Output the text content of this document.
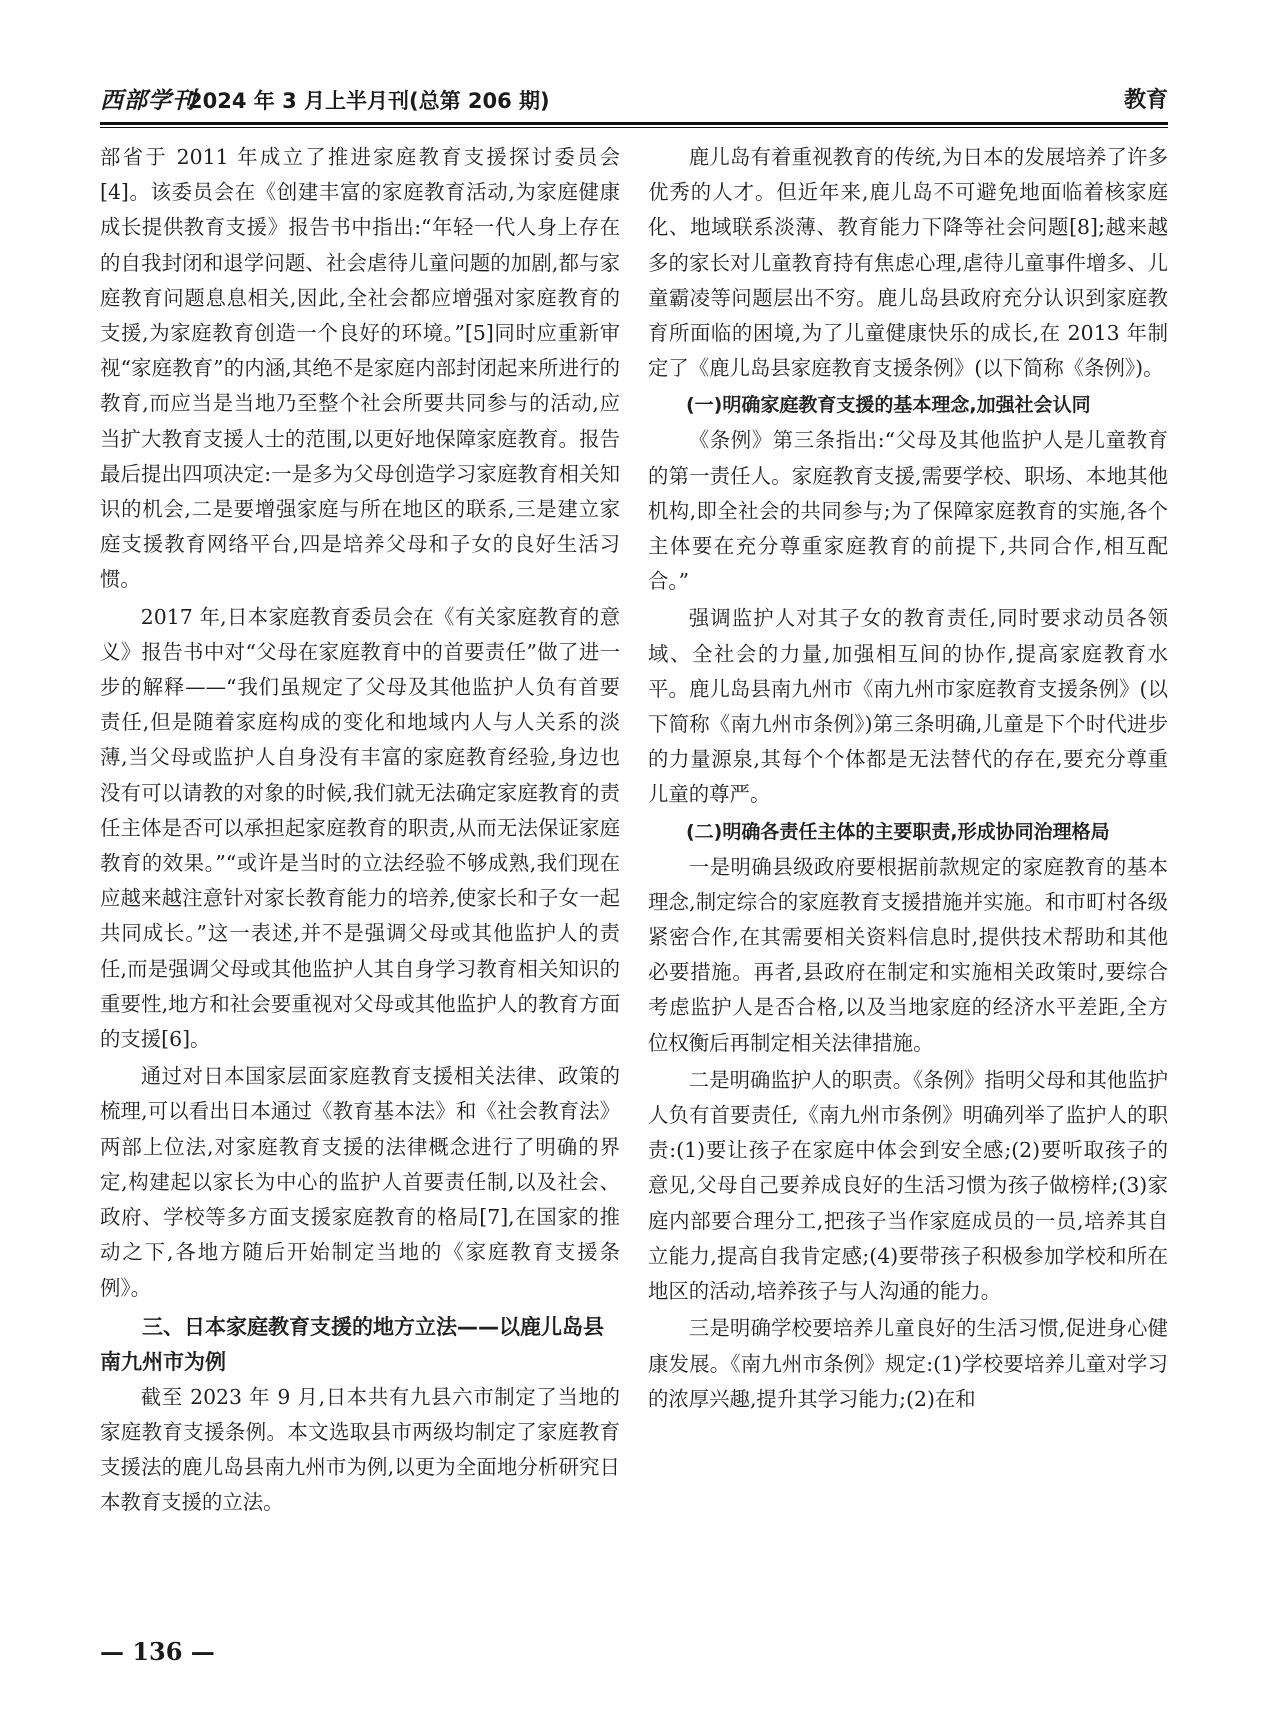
西部学刊
2024 年 3 月上半月刊(总第 206 期)	教育

部省于 2011 年成立了推进家庭教育支援探讨委员会[4]。该委员会在《创建丰富的家庭教育活动,为家庭健康成长提供教育支援》报告书中指出:“年轻一代人身上存在的自我封闭和退学问题、社会虐待儿童问题的加剧,都与家庭教育问题息息相关,因此,全社会都应增强对家庭教育的支援,为家庭教育创造一个良好的环境。”[5]同时应重新审视“家庭教育”的内涵,其绝不是家庭内部封闭起来所进行的教育,而应当是当地乃至整个社会所要共同参与的活动,应当扩大教育支援人士的范围,以更好地保障家庭教育。报告最后提出四项决定:一是多为父母创造学习家庭教育相关知识的机会,二是要增强家庭与所在地区的联系,三是建立家庭支援教育网络平台,四是培养父母和子女的良好生活习惯。

2017 年,日本家庭教育委员会在《有关家庭教育的意义》报告书中对“父母在家庭教育中的首要责任”做了进一步的解释——“我们虽规定了父母及其他监护人负有首要责任,但是随着家庭构成的变化和地域内人与人关系的淡薄,当父母或监护人自身没有丰富的家庭教育经验,身边也没有可以请教的对象的时候,我们就无法确定家庭教育的责任主体是否可以承担起家庭教育的职责,从而无法保证家庭教育的效果。”“或许是当时的立法经验不够成熟,我们现在应越来越注意针对家长教育能力的培养,使家长和子女一起共同成长。”这一表述,并不是强调父母或其他监护人的责任,而是强调父母或其他监护人其自身学习教育相关知识的重要性,地方和社会要重视对父母或其他监护人的教育方面的支援[6]。

通过对日本国家层面家庭教育支援相关法律、政策的梳理,可以看出日本通过《教育基本法》和《社会教育法》两部上位法,对家庭教育支援的法律概念进行了明确的界定,构建起以家长为中心的监护人首要责任制,以及社会、政府、学校等多方面支援家庭教育的格局[7],在国家的推动之下,各地方随后开始制定当地的《家庭教育支援条例》。

三、日本家庭教育支援的地方立法——以鹿儿岛县南九州市为例

截至 2023 年 9 月,日本共有九县六市制定了当地的家庭教育支援条例。本文选取县市两级均制定了家庭教育支援法的鹿儿岛县南九州市为例,以更为全面地分析研究日本教育支援的立法。

鹿儿岛有着重视教育的传统,为日本的发展培养了许多优秀的人才。但近年来,鹿儿岛不可避免地面临着核家庭化、地域联系淡薄、教育能力下降等社会问题[8];越来越多的家长对儿童教育持有焦虑心理,虐待儿童事件增多、儿童霸凌等问题层出不穷。鹿儿岛县政府充分认识到家庭教育所面临的困境,为了儿童健康快乐的成长,在 2013 年制定了《鹿儿岛县家庭教育支援条例》(以下简称《条例》)。

(一)明确家庭教育支援的基本理念,加强社会认同

《条例》第三条指出:“父母及其他监护人是儿童教育的第一责任人。家庭教育支援,需要学校、职场、本地其他机构,即全社会的共同参与;为了保障家庭教育的实施,各个主体要在充分尊重家庭教育的前提下,共同合作,相互配合。”

强调监护人对其子女的教育责任,同时要求动员各领域、全社会的力量,加强相互间的协作,提高家庭教育水平。鹿儿岛县南九州市《南九州市家庭教育支援条例》(以下简称《南九州市条例》)第三条明确,儿童是下个时代进步的力量源泉,其每个个体都是无法替代的存在,要充分尊重儿童的尊严。

(二)明确各责任主体的主要职责,形成协同治理格局

一是明确县级政府要根据前款规定的家庭教育的基本理念,制定综合的家庭教育支援措施并实施。和市町村各级紧密合作,在其需要相关资料信息时,提供技术帮助和其他必要措施。再者,县政府在制定和实施相关政策时,要综合考虑监护人是否合格,以及当地家庭的经济水平差距,全方位权衡后再制定相关法律措施。

二是明确监护人的职责。《条例》指明父母和其他监护人负有首要责任,《南九州市条例》明确列举了监护人的职责:(1)要让孩子在家庭中体会到安全感;(2)要听取孩子的意见,父母自己要养成良好的生活习惯为孩子做榜样;(3)家庭内部要合理分工,把孩子当作家庭成员的一员,培养其自立能力,提高自我肯定感;(4)要带孩子积极参加学校和所在地区的活动,培养孩子与人沟通的能力。

三是明确学校要培养儿童良好的生活习惯,促进身心健康发展。《南九州市条例》规定:(1)学校要培养儿童对学习的浓厚兴趣,提升其学习能力;(2)在和

— 136 —
